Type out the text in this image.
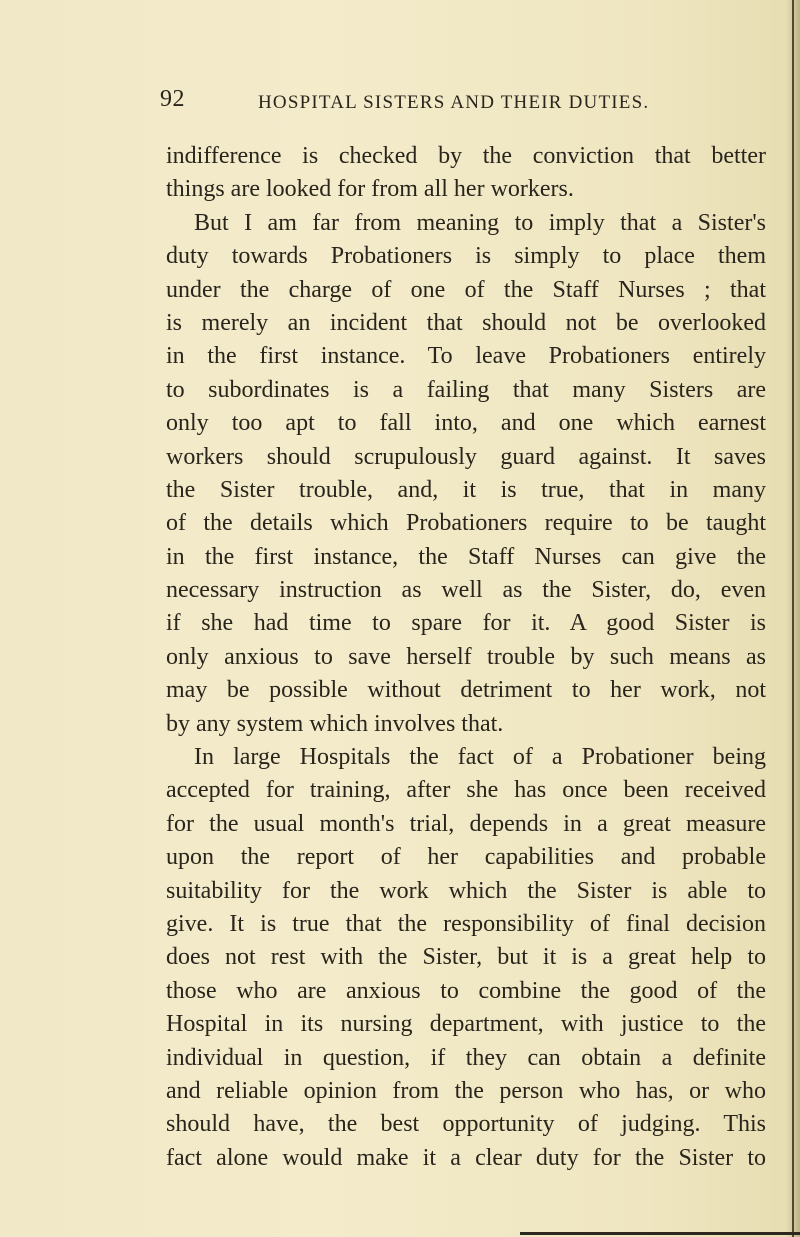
92	HOSPITAL SISTERS AND THEIR DUTIES.
indifference is checked by the conviction that better
things are looked for from all her workers.
But I am far from meaning to imply that a Sister's
duty towards Probationers is simply to place them
under the charge of one of the Staff Nurses ; that
is merely an incident that should not be overlooked
in the first instance. To leave Probationers entirely
to subordinates is a failing that many Sisters are
only too apt to fall into, and one which earnest
workers should scrupulously guard against. It saves
the Sister trouble, and, it is true, that in many
of the details which Probationers require to be taught
in the first instance, the Staff Nurses can give the
necessary instruction as well as the Sister, do, even
if she had time to spare for it. A good Sister is
only anxious to save herself trouble by such means as
may be possible without detriment to her work, not
by any system which involves that.
In large Hospitals the fact of a Probationer being
accepted for training, after she has once been received
for the usual month's trial, depends in a great measure
upon the report of her capabilities and probable
suitability for the work which the Sister is able to
give. It is true that the responsibility of final decision
does not rest with the Sister, but it is a great help to
those who are anxious to combine the good of the
Hospital in its nursing department, with justice to the
individual in question, if they can obtain a definite
and reliable opinion from the person who has, or who
should have, the best opportunity of judging. This
fact alone would make it a clear duty for the Sister to
